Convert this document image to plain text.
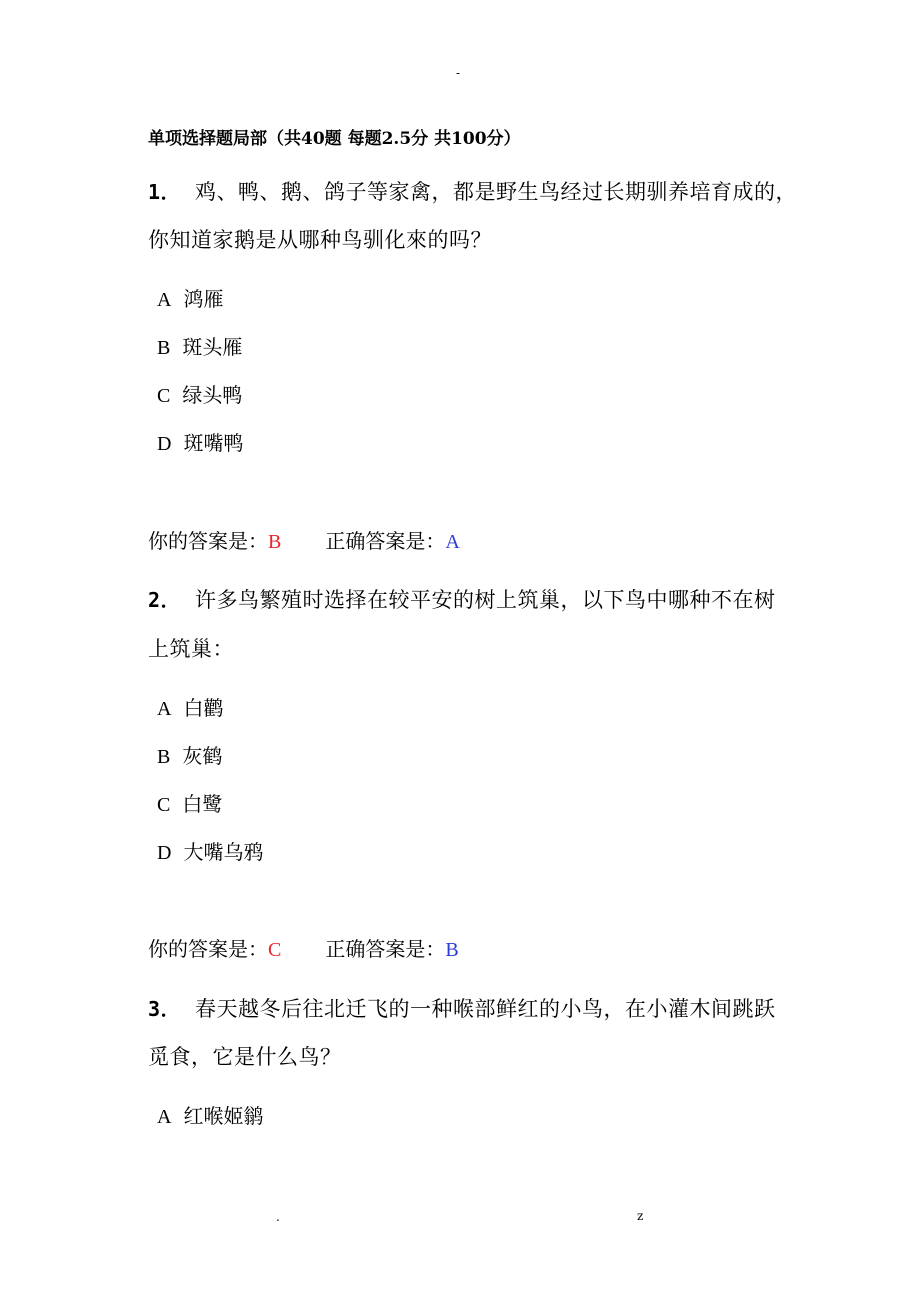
-
单项选择题局部（共40题 每题2.5分 共100分）
1． 鸡、鸭、鹅、鸽子等家禽，都是野生鸟经过长期驯养培育成的，
你知道家鹅是从哪种鸟驯化來的吗？
A 鸿雁
B 斑头雁
C 绿头鸭
D 斑嘴鸭
你的答案是：B 正确答案是：A
2． 许多鸟繁殖时选择在较平安的树上筑巢，以下鸟中哪种不在树
上筑巢：
A 白鹳
B 灰鹤
C 白鹭
D 大嘴乌鸦
你的答案是：C 正确答案是：B
3． 春天越冬后往北迁飞的一种喉部鲜红的小鸟，在小灌木间跳跃
觅食，它是什么鸟？
A 红喉姬鹟
.	z
